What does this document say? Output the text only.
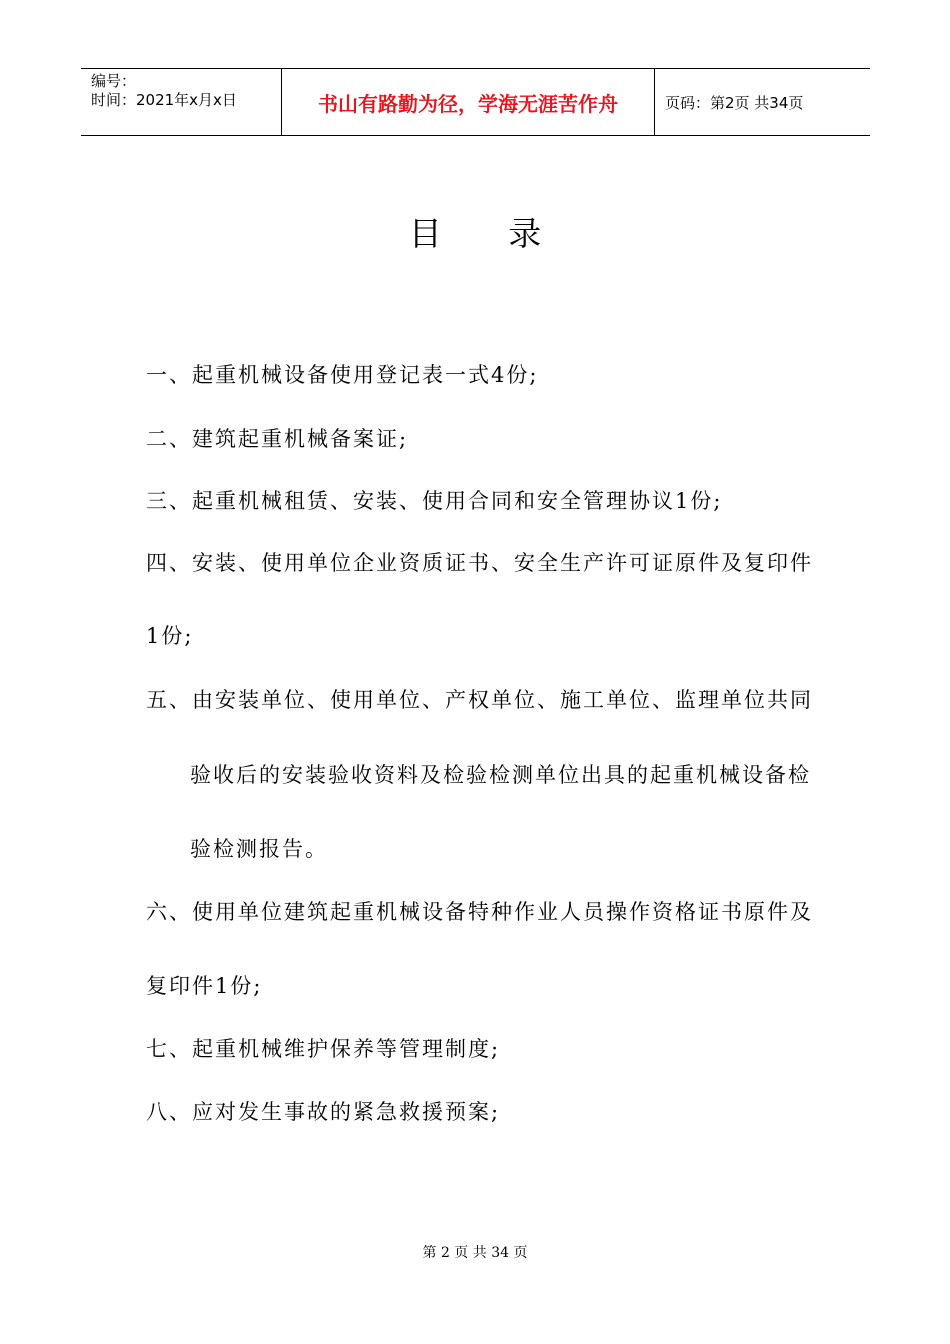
编号：
时间：2021年x月x日	书山有路勤为径，学海无涯苦作舟	页码：第2页 共34页
目 录
一、起重机械设备使用登记表一式4份;
二、建筑起重机械备案证;
三、起重机械租赁、安装、使用合同和安全管理协议1份;
四、安装、使用单位企业资质证书、安全生产许可证原件及复印件
1份;
五、由安装单位、使用单位、产权单位、施工单位、监理单位共同
验收后的安装验收资料及检验检测单位出具的起重机械设备检
验检测报告。
六、使用单位建筑起重机械设备特种作业人员操作资格证书原件及
复印件1份;
七、起重机械维护保养等管理制度;
八、应对发生事故的紧急救援预案;
第 2 页 共 34 页
